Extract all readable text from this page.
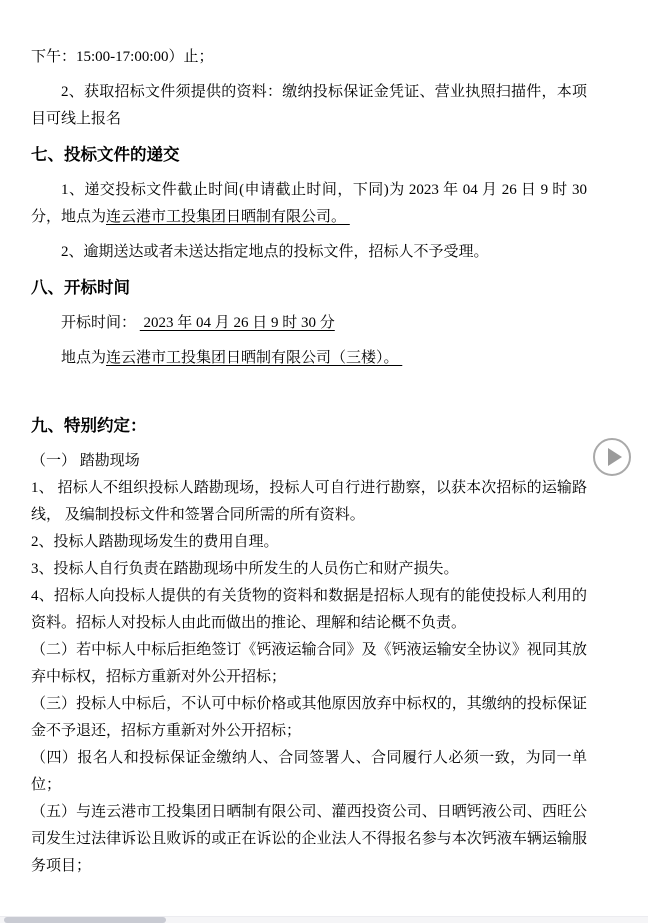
下午：15:00-17:00:00）止；

2、获取招标文件须提供的资料：缴纳投标保证金凭证、营业执照扫描件，本项目可线上报名

七、投标文件的递交

1、递交投标文件截止时间(申请截止时间，下同)为 2023 年 04 月 26 日 9 时 30 分，地点为连云港市工投集团日晒制有限公司。

2、逾期送达或者未送达指定地点的投标文件，招标人不予受理。

八、开标时间

开标时间：  2023 年 04 月 26 日 9 时 30 分

地点为连云港市工投集团日晒制有限公司（三楼）。

九、特别约定：

（一） 踏勘现场

1、 招标人不组织投标人踏勘现场，投标人可自行进行勘察，以获本次招标的运输路线， 及编制投标文件和签署合同所需的所有资料。

2、投标人踏勘现场发生的费用自理。

3、投标人自行负责在踏勘现场中所发生的人员伤亡和财产损失。

4、招标人向投标人提供的有关货物的资料和数据是招标人现有的能使投标人利用的资料。招标人对投标人由此而做出的推论、理解和结论概不负责。

（二）若中标人中标后拒绝签订《钙液运输合同》及《钙液运输安全协议》视同其放弃中标权，招标方重新对外公开招标；

（三）投标人中标后，不认可中标价格或其他原因放弃中标权的，其缴纳的投标保证金不予退还，招标方重新对外公开招标；

（四）报名人和投标保证金缴纳人、合同签署人、合同履行人必须一致，为同一单位；

（五）与连云港市工投集团日晒制有限公司、灌西投资公司、日晒钙液公司、西旺公司发生过法律诉讼且败诉的或正在诉讼的企业法人不得报名参与本次钙液车辆运输服务项目；
